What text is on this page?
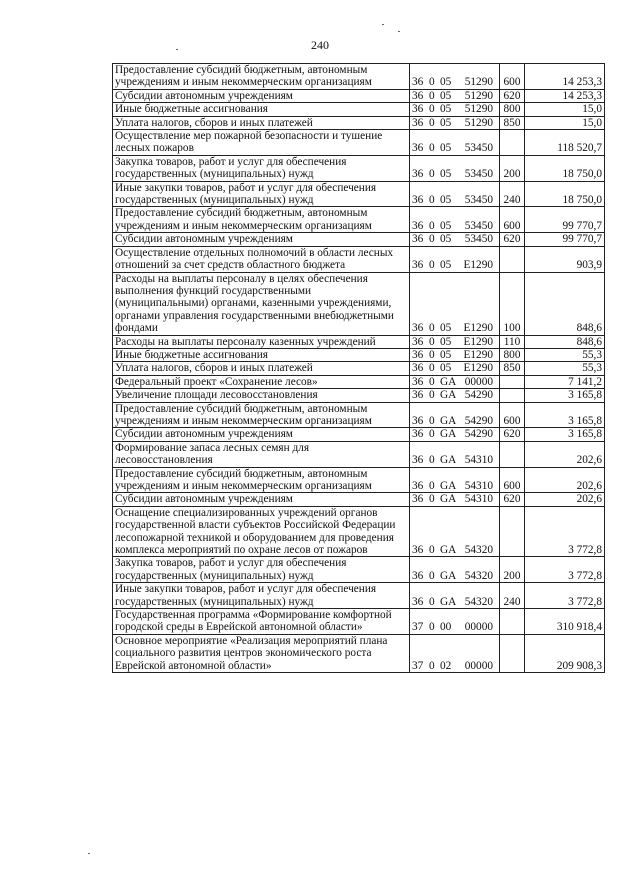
240
Предоставление субсидий бюджетным, автономным учреждениям и иным некоммерческим организациям	36 0 05 51290	600	14 253,3
Субсидии автономным учреждениям	36 0 05 51290	620	14 253,3
Иные бюджетные ассигнования	36 0 05 51290	800	15,0
Уплата налогов, сборов и иных платежей	36 0 05 51290	850	15,0
Осуществление мер пожарной безопасности и тушение лесных пожаров	36 0 05 53450		118 520,7
Закупка товаров, работ и услуг для обеспечения государственных (муниципальных) нужд	36 0 05 53450	200	18 750,0
Иные закупки товаров, работ и услуг для обеспечения государственных (муниципальных) нужд	36 0 05 53450	240	18 750,0
Предоставление субсидий бюджетным, автономным учреждениям и иным некоммерческим организациям	36 0 05 53450	600	99 770,7
Субсидии автономным учреждениям	36 0 05 53450	620	99 770,7
Осуществление отдельных полномочий в области лесных отношений за счет средств областного бюджета	36 0 05 Е1290		903,9
Расходы на выплаты персоналу в целях обеспечения выполнения функций государственными (муниципальными) органами, казенными учреждениями, органами управления государственными внебюджетными фондами	36 0 05 Е1290	100	848,6
Расходы на выплаты персоналу казенных учреждений	36 0 05 Е1290	110	848,6
Иные бюджетные ассигнования	36 0 05 Е1290	800	55,3
Уплата налогов, сборов и иных платежей	36 0 05 Е1290	850	55,3
Федеральный проект «Сохранение лесов»	36 0 GA 00000		7 141,2
Увеличение площади лесовосстановления	36 0 GA 54290		3 165,8
Предоставление субсидий бюджетным, автономным учреждениям и иным некоммерческим организациям	36 0 GA 54290	600	3 165,8
Субсидии автономным учреждениям	36 0 GA 54290	620	3 165,8
Формирование запаса лесных семян для лесовосстановления	36 0 GA 54310		202,6
Предоставление субсидий бюджетным, автономным учреждениям и иным некоммерческим организациям	36 0 GA 54310	600	202,6
Субсидии автономным учреждениям	36 0 GA 54310	620	202,6
Оснащение специализированных учреждений органов государственной власти субъектов Российской Федерации лесопожарной техникой и оборудованием для проведения комплекса мероприятий по охране лесов от пожаров	36 0 GA 54320		3 772,8
Закупка товаров, работ и услуг для обеспечения государственных (муниципальных) нужд	36 0 GA 54320	200	3 772,8
Иные закупки товаров, работ и услуг для обеспечения государственных (муниципальных) нужд	36 0 GA 54320	240	3 772,8
Государственная программа «Формирование комфортной городской среды в Еврейской автономной области»	37 0 00 00000		310 918,4
Основное мероприятие «Реализация мероприятий плана социального развития центров экономического роста Еврейской автономной области»	37 0 02 00000		209 908,3
